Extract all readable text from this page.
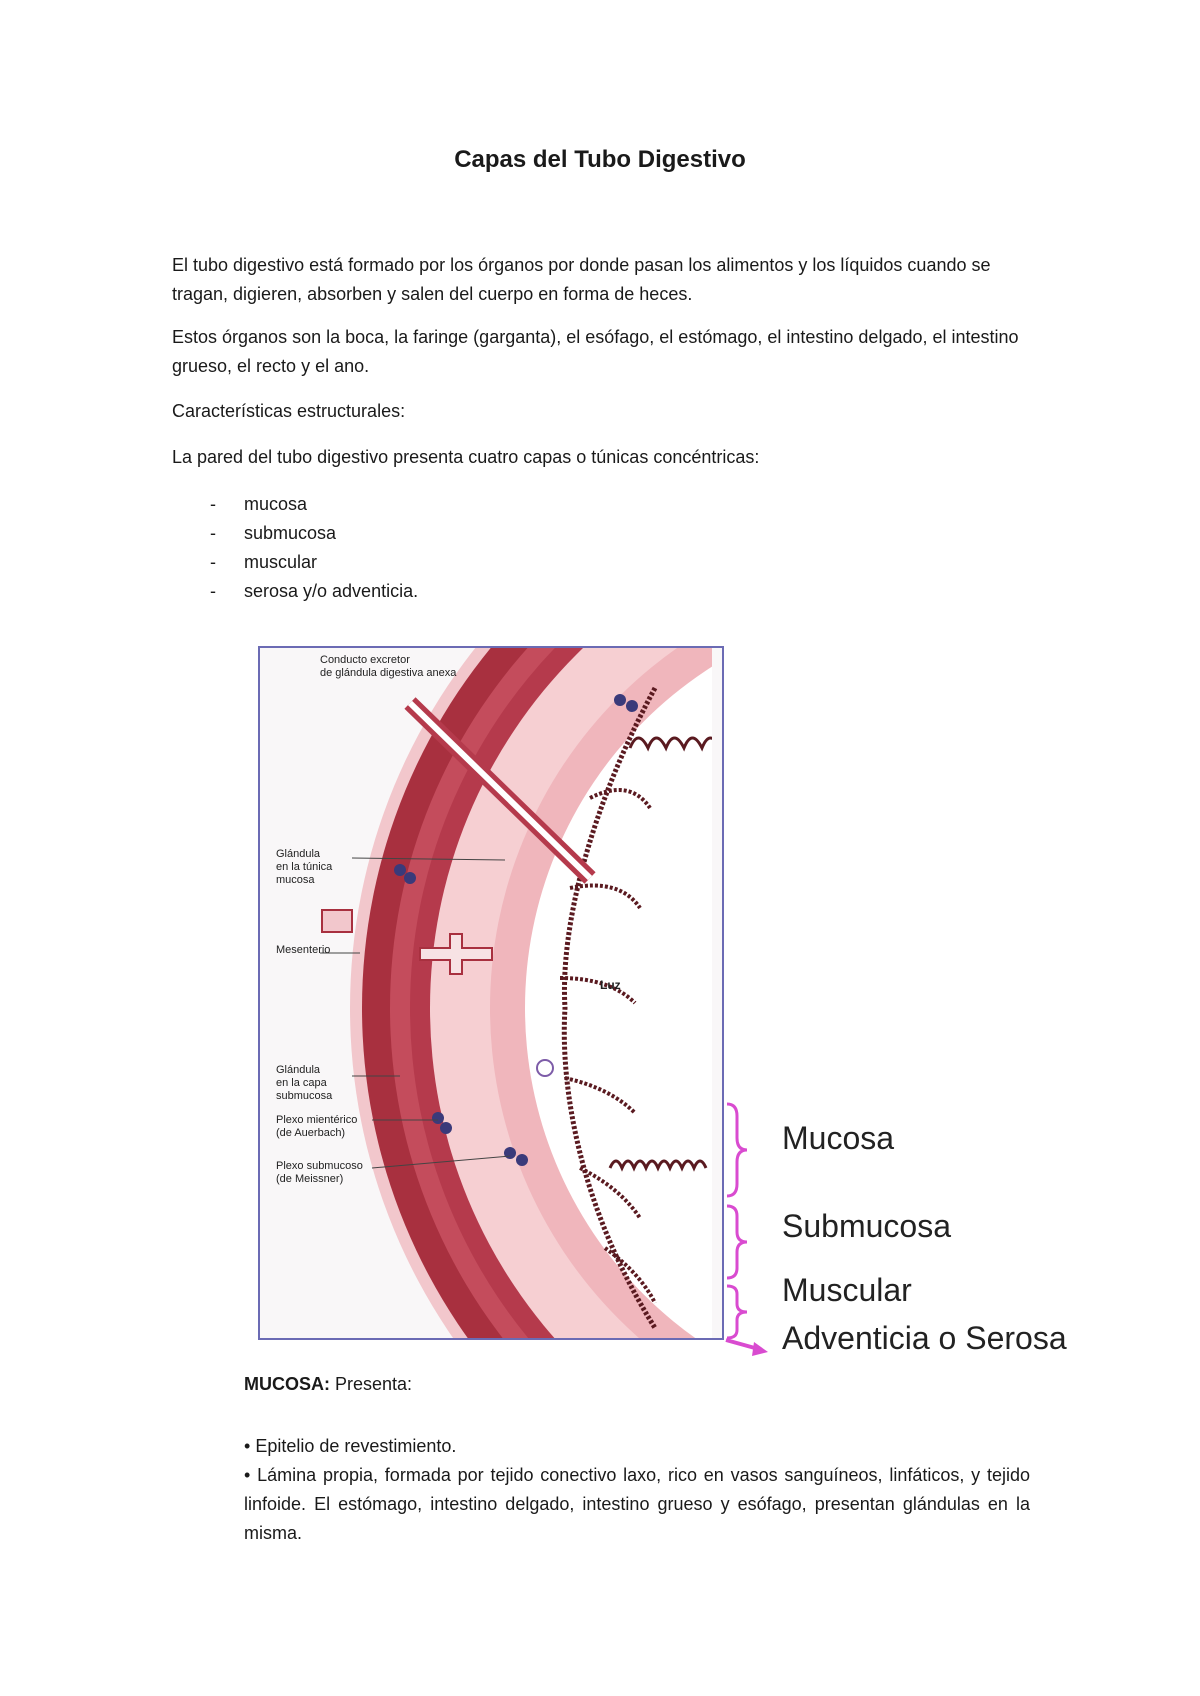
Capas del Tubo Digestivo

El tubo digestivo está formado por los órganos por donde pasan los alimentos y los líquidos cuando se tragan, digieren, absorben y salen del cuerpo en forma de heces.

Estos órganos son la boca, la faringe (garganta), el esófago, el estómago, el intestino delgado, el intestino grueso, el recto y el ano.

Características estructurales:

La pared del tubo digestivo presenta cuatro capas o túnicas concéntricas:

- mucosa
- submucosa
- muscular
- serosa y/o adventicia.
Conducto excretor
de glándula digestiva anexa
Glándula
en la túnica
mucosa
Mesenterio
Luz
Glándula
en la capa
submucosa
Plexo mientérico
(de Auerbach)
Plexo submucoso
(de Meissner)
Mucosa
Submucosa
Muscular
Adventicia o Serosa
MUCOSA: Presenta:
• Epitelio de revestimiento.
• Lámina propia, formada por tejido conectivo laxo, rico en vasos sanguíneos, linfáticos, y tejido linfoide. El estómago, intestino delgado, intestino grueso y esófago, presentan glándulas en la misma.
